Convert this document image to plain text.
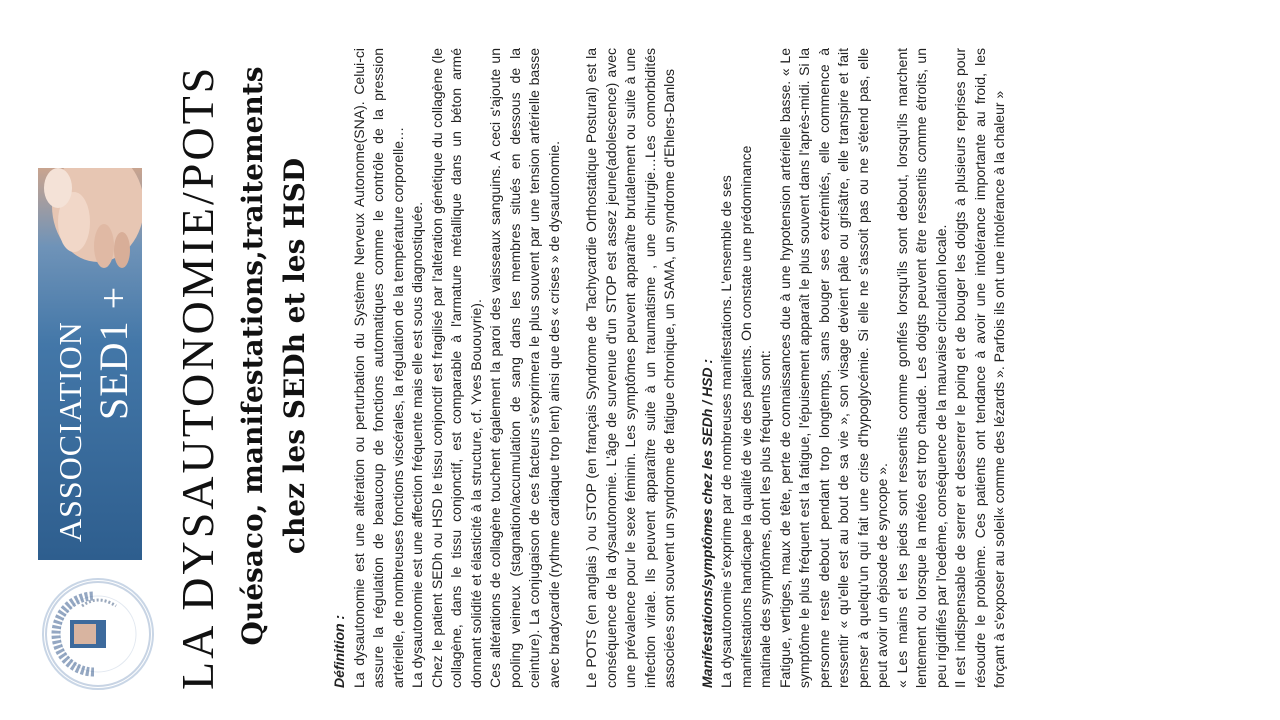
ASSOCIATION SED1 + LA DYSAUTONOMIE/POTS Quésaco, manifestations,traitements chez les SEDh et les HSD

Définition : La dysautonomie est une altération ou perturbation du Système Nerveux Autonome(SNA). Celui-ci assure la régulation de beaucoup de fonctions automatiques comme le contrôle de la pression artérielle, de nombreuses fonctions viscérales, la régulation de la température corporelle… La dysautonomie est une affection fréquente mais elle est sous diagnostiquée. Chez le patient SEDh ou HSD le tissu conjonctif est fragilisé par l'altération génétique du collagène (le collagène, dans le tissu conjonctif, est comparable à l'armature métallique dans un béton armé donnant solidité et élasticité à la structure, cf. Yves Bououyrie). Ces altérations de collagène touchent également la paroi des vaisseaux sanguins. A ceci s'ajoute un pooling veineux (stagnation/accumulation de sang dans les membres situés en dessous de la ceinture). La conjugaison de ces facteurs s'exprimera le plus souvent par une tension artérielle basse avec bradycardie (rythme cardiaque trop lent) ainsi que des « crises » de dysautonomie. Le POTS (en anglais ) ou STOP (en français Syndrome de Tachycardie Orthostatique Postural) est la conséquence de la dysautonomie. L'âge de survenue d'un STOP est assez jeune(adolescence) avec une prévalence pour le sexe féminin. Les symptômes peuvent apparaître brutalement ou suite à une infection virale. Ils peuvent apparaître suite à un traumatisme , une chirurgie…Les comorbidités associées sont souvent un syndrome de fatigue chronique, un SAMA, un syndrome d'Ehlers-Danlos Manifestations/symptômes chez les SEDh / HSD : La dysautonomie s'exprime par de nombreuses manifestations. L'ensemble de ses manifestations handicape la qualité de vie des patients. On constate une prédominance matinale des symptômes, dont les plus fréquents sont: Fatigue, vertiges, maux de tête, perte de connaissances due à une hypotension artérielle basse. « Le symptôme le plus fréquent est la fatigue, l'épuisement apparaît le plus souvent dans l'après-midi. Si la personne reste debout pendant trop longtemps, sans bouger ses extrémités, elle commence à ressentir « qu'elle est au bout de sa vie », son visage devient pâle ou grisâtre, elle transpire et fait penser à quelqu'un qui fait une crise d'hypoglycémie. Si elle ne s'assoit pas ou ne s'étend pas, elle peut avoir un épisode de syncope ». « Les mains et les pieds sont ressentis comme gonflés lorsqu'ils sont debout, lorsqu'ils marchent lentement ou lorsque la météo est trop chaude. Les doigts peuvent être ressentis comme étroits, un peu rigidifiés par l'oedème, conséquence de la mauvaise circulation locale. Il est indispensable de serrer et desserrer le poing et de bouger les doigts à plusieurs reprises pour résoudre le problème. Ces patients ont tendance à avoir une intolérance importante au froid, les forçant à s'exposer au soleil« comme des lézards ». Parfois ils ont une intolérance à la chaleur »
